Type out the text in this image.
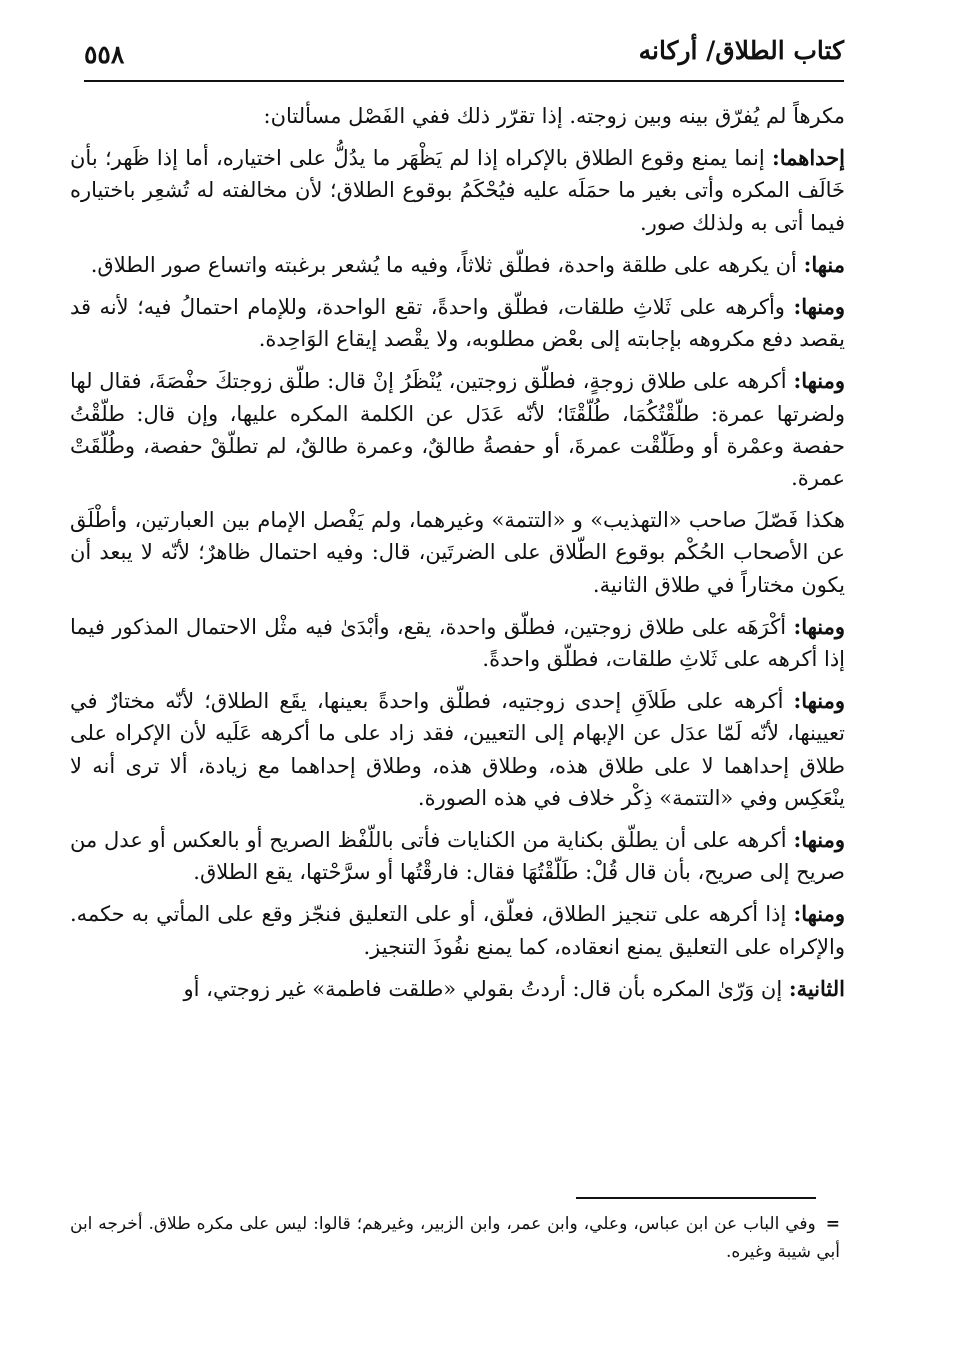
كتاب الطلاق/ أركانه
٥٥٨

مكرهاً لم يُفرّق بينه وبين زوجته. إذا تقرّر ذلك ففي الفَصْل مسألتان:

إحداهما: إنما يمنع وقوع الطلاق بالإكراه إذا لم يَظْهَر ما يدُلُّ على اختياره، أما إذا ظَهر؛ بأن خَالَف المكره وأتى بغير ما حمَلَه عليه فيُحْكَمُ بوقوع الطلاق؛ لأن مخالفته له تُشعِر باختياره فيما أتى به ولذلك صور.

منها: أن يكرهه على طلقة واحدة، فطلّق ثلاثاً، وفيه ما يُشعر برغبته واتساع صور الطلاق.

ومنها: وأكرهه على ثَلاثِ طلقات، فطلّق واحدةً، تقع الواحدة، وللإمام احتمالُ فيه؛ لأنه قد يقصد دفع مكروهه بإجابته إلى بعْض مطلوبه، ولا يقْصد إيقاع الوَاحِدة.

ومنها: أكرهه على طلاق زوجةٍ، فطلّق زوجتين، يُنْظَرُ إنْ قال: طلّق زوجتكَ حفْصَةَ، فقال لها ولضرتها عمرة: طلّقْتُكُمَا، طُلّقْتَا؛ لأنّه عَدَل عن الكلمة المكره عليها، وإن قال: طلّقْتُ حفصة وعمْرة أو وطَلّقْت عمرةَ، أو حفصةُ طالقٌ، وعمرة طالقٌ، لم تطلّقْ حفصة، وطُلّقَتْ عمرة.

هكذا فَصّلَ صاحب «التهذيب» و «التتمة» وغيرهما، ولم يَفْصل الإمام بين العبارتين، وأطْلَق عن الأصحاب الحُكْم بوقوع الطّلاق على الضرتَين، قال: وفيه احتمال ظاهرٌ؛ لأنّه لا يبعد أن يكون مختاراً في طلاق الثانية.

ومنها: أكْرَهَه على طلاق زوجتين، فطلّق واحدة، يقع، وأبْدَىٰ فيه مثْل الاحتمال المذكور فيما إذا أكرهه على ثَلاثِ طلقات، فطلّق واحدةً.

ومنها: أكرهه على طَلاَقِ إحدى زوجتيه، فطلّق واحدةً بعينها، يقَع الطلاق؛ لأنّه مختارٌ في تعيينها، لأنّه لَمّا عدَل عن الإبهام إلى التعيين، فقد زاد على ما أكرهه عَلَيه لأن الإكراه على طلاق إحداهما لا على طلاق هذه، وطلاق هذه، وطلاق إحداهما مع زيادة، ألا ترى أنه لا ينْعَكِس وفي «التتمة» ذِكْر خلاف في هذه الصورة.

ومنها: أكرهه على أن يطلّق بكناية من الكنايات فأتى باللّفْظ الصريح أو بالعكس أو عدل من صريح إلى صريح، بأن قال قُلْ: طَلّقْتُهَا فقال: فارقْتُها أو سرَّحْتها، يقع الطلاق.

ومنها: إذا أكرهه على تنجيز الطلاق، فعلّق، أو على التعليق فنجّز وقع على المأتي به حكمه. والإكراه على التعليق يمنع انعقاده، كما يمنع نفُوذَ التنجيز.

الثانية: إن وَرّىٰ المكره بأن قال: أردتُ بقولي «طلقت فاطمة» غير زوجتي، أو

=وفي الباب عن ابن عباس، وعلي، وابن عمر، وابن الزبير، وغيرهم؛ قالوا: ليس على مكره طلاق. أخرجه ابن أبي شيبة وغيره.
